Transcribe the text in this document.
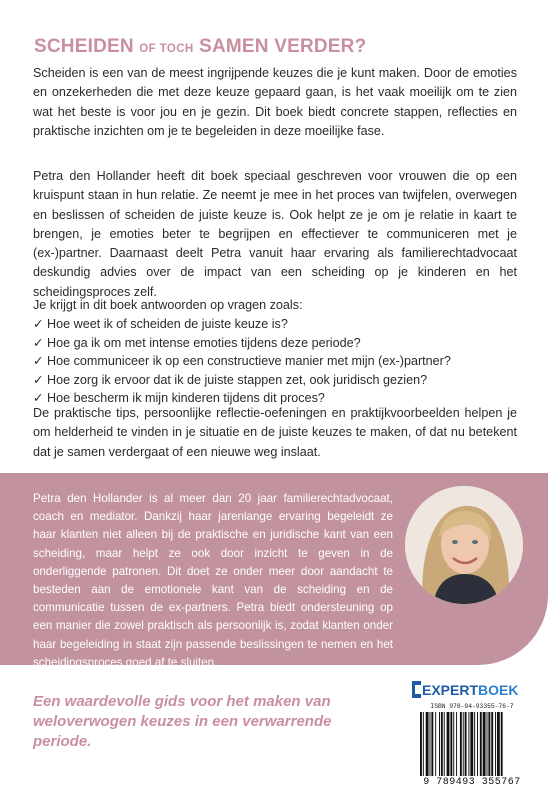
SCHEIDEN OF TOCH SAMEN VERDER?

Scheiden is een van de meest ingrijpende keuzes die je kunt maken. Door de emoties en onzekerheden die met deze keuze gepaard gaan, is het vaak moeilijk om te zien wat het beste is voor jou en je gezin. Dit boek biedt concrete stappen, reflecties en praktische inzichten om je te begeleiden in deze moeilijke fase.

Petra den Hollander heeft dit boek speciaal geschreven voor vrouwen die op een kruispunt staan in hun relatie. Ze neemt je mee in het proces van twijfelen, overwegen en beslissen of scheiden de juiste keuze is. Ook helpt ze je om je relatie in kaart te brengen, je emoties beter te begrijpen en effectiever te communiceren met je (ex-)partner. Daarnaast deelt Petra vanuit haar ervaring als familierechtadvocaat deskundig advies over de impact van een scheiding op je kinderen en het scheidingsproces zelf.

Je krijgt in dit boek antwoorden op vragen zoals:

✓ Hoe weet ik of scheiden de juiste keuze is?
✓ Hoe ga ik om met intense emoties tijdens deze periode?
✓ Hoe communiceer ik op een constructieve manier met mijn (ex-)partner?
✓ Hoe zorg ik ervoor dat ik de juiste stappen zet, ook juridisch gezien?
✓ Hoe bescherm ik mijn kinderen tijdens dit proces?

De praktische tips, persoonlijke reflectie-oefeningen en praktijkvoorbeelden helpen je om helderheid te vinden in je situatie en de juiste keuzes te maken, of dat nu betekent dat je samen verdergaat of een nieuwe weg inslaat.

Petra den Hollander is al meer dan 20 jaar familierechtadvocaat, coach en mediator. Dankzij haar jarenlange ervaring begeleidt ze haar klanten niet alleen bij de praktische en juridische kant van een scheiding, maar helpt ze ook door inzicht te geven in de onderliggende patronen. Dit doet ze onder meer door aandacht te besteden aan de emotionele kant van de scheiding en de communicatie tussen de ex-partners. Petra biedt ondersteuning op een manier die zowel praktisch als persoonlijk is, zodat klanten onder haar begeleiding in staat zijn passende beslissingen te nemen en het scheidingsproces goed af te sluiten.

Een waardevolle gids voor het maken van weloverwogen keuzes in een verwarrende periode.

EXPERT BOEK

ISBN 978-94-93355-76-7

9 789493 355767
